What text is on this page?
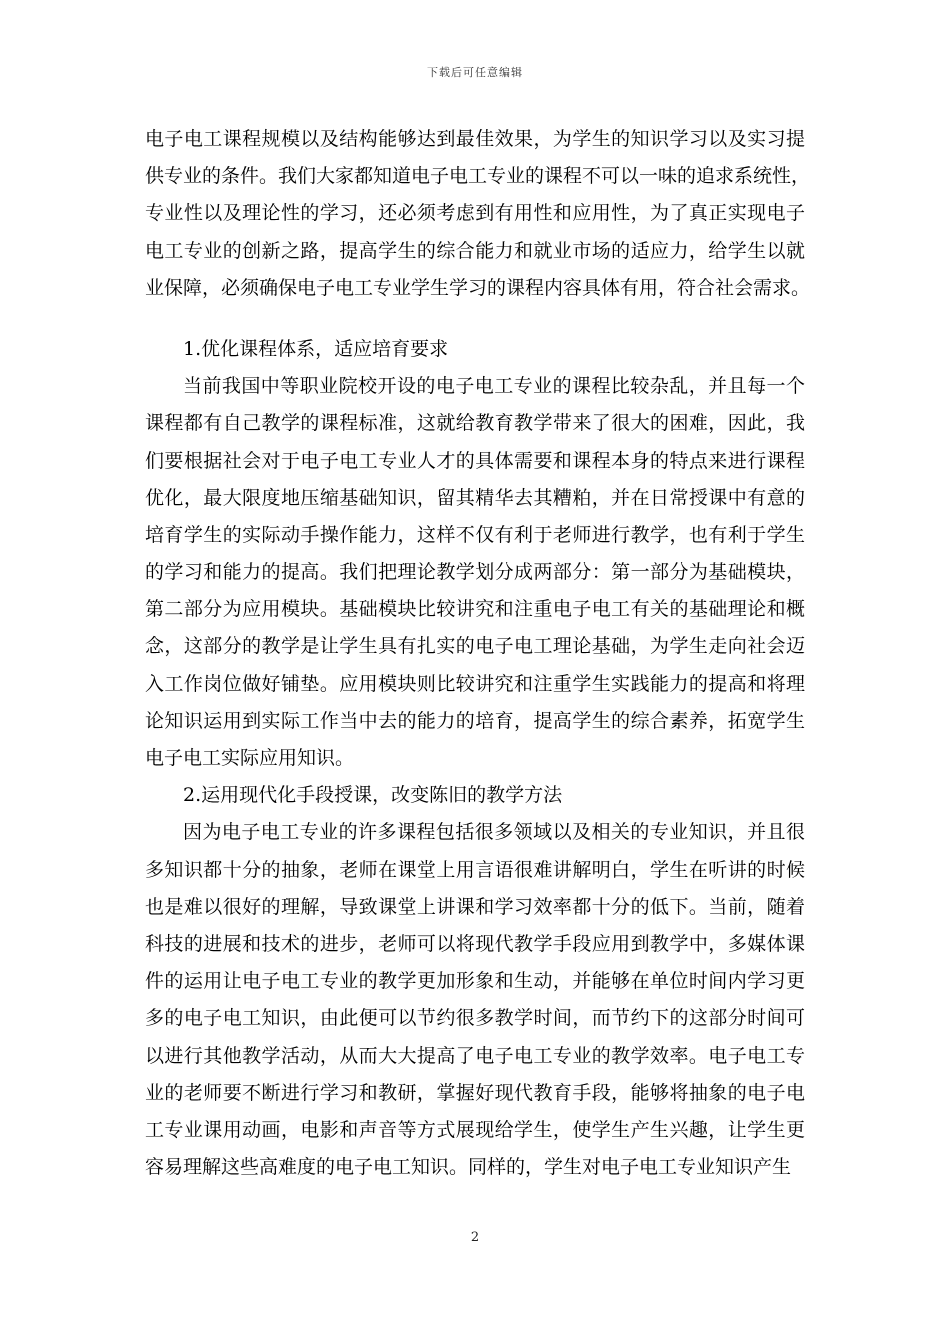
下载后可任意编辑
电子电工课程规模以及结构能够达到最佳效果，为学生的知识学习以及实习提
供专业的条件。我们大家都知道电子电工专业的课程不可以一味的追求系统性，
专业性以及理论性的学习，还必须考虑到有用性和应用性，为了真正实现电子
电工专业的创新之路，提高学生的综合能力和就业市场的适应力，给学生以就
业保障，必须确保电子电工专业学生学习的课程内容具体有用，符合社会需求。
1.优化课程体系，适应培育要求
当前我国中等职业院校开设的电子电工专业的课程比较杂乱，并且每一个
课程都有自己教学的课程标准，这就给教育教学带来了很大的困难，因此，我
们要根据社会对于电子电工专业人才的具体需要和课程本身的特点来进行课程
优化，最大限度地压缩基础知识，留其精华去其糟粕，并在日常授课中有意的
培育学生的实际动手操作能力，这样不仅有利于老师进行教学，也有利于学生
的学习和能力的提高。我们把理论教学划分成两部分：第一部分为基础模块，
第二部分为应用模块。基础模块比较讲究和注重电子电工有关的基础理论和概
念，这部分的教学是让学生具有扎实的电子电工理论基础，为学生走向社会迈
入工作岗位做好铺垫。应用模块则比较讲究和注重学生实践能力的提高和将理
论知识运用到实际工作当中去的能力的培育，提高学生的综合素养，拓宽学生
电子电工实际应用知识。
2.运用现代化手段授课，改变陈旧的教学方法
因为电子电工专业的许多课程包括很多领域以及相关的专业知识，并且很
多知识都十分的抽象，老师在课堂上用言语很难讲解明白，学生在听讲的时候
也是难以很好的理解，导致课堂上讲课和学习效率都十分的低下。当前，随着
科技的进展和技术的进步，老师可以将现代教学手段应用到教学中，多媒体课
件的运用让电子电工专业的教学更加形象和生动，并能够在单位时间内学习更
多的电子电工知识，由此便可以节约很多教学时间，而节约下的这部分时间可
以进行其他教学活动，从而大大提高了电子电工专业的教学效率。电子电工专
业的老师要不断进行学习和教研，掌握好现代教育手段，能够将抽象的电子电
工专业课用动画，电影和声音等方式展现给学生，使学生产生兴趣，让学生更
容易理解这些高难度的电子电工知识。同样的，学生对电子电工专业知识产生
2
